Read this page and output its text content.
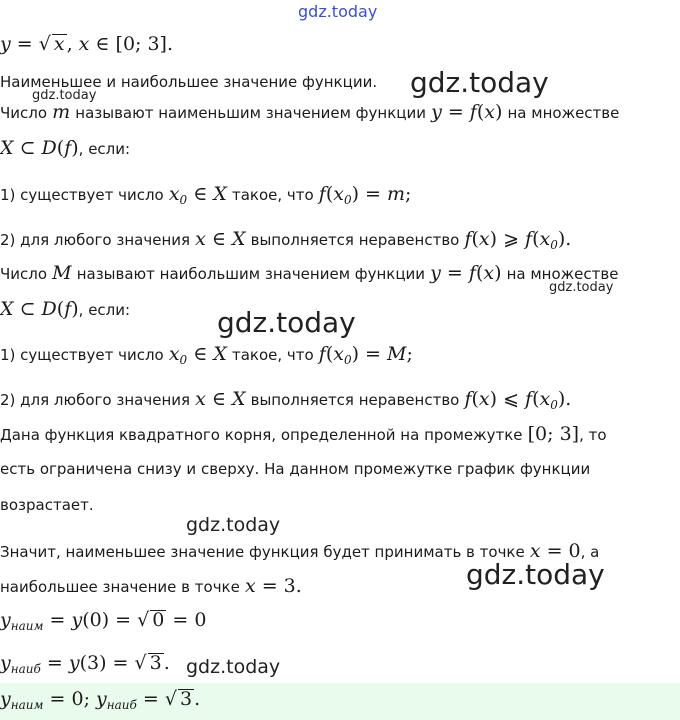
gdz.today
gdz.today
gdz.today
gdz.today
gdz.today
gdz.today
gdz.today
gdz.today
y = √ x , x ∈ [0; 3].
Наименьшее и наибольшее значение функции.
Число m называют наименьшим значением функции y = f(x) на множестве
X ⊂ D(f), если:
1) существует число $x_0$ ∈ X такое, что $f(x_0) = m$;
2) для любого значения x ∈ X выполняется неравенство f(x) ⩾ $f(x_0)$.
Число M называют наибольшим значением функции y = f(x) на множестве
X ⊂ D(f), если:
1) существует число $x_0$ ∈ X такое, что $f(x_0) = M$;
2) для любого значения x ∈ X выполняется неравенство f(x) ⩽ $f(x_0)$.
Дана функция квадратного корня, определенной на промежутке [0; 3], то
есть ограничена снизу и сверху. На данном промежутке график функции
возрастает.
Значит, наименьшее значение функция будет принимать в точке x = 0, а
наибольшее значение в точке x = 3.
$y_{наим} = y(0)$ = √ 0 = 0
$y_{наиб} = y(3)$ = √ 3 .
$y_{наим} = 0$; $y_{наиб}$ = √ 3 .
